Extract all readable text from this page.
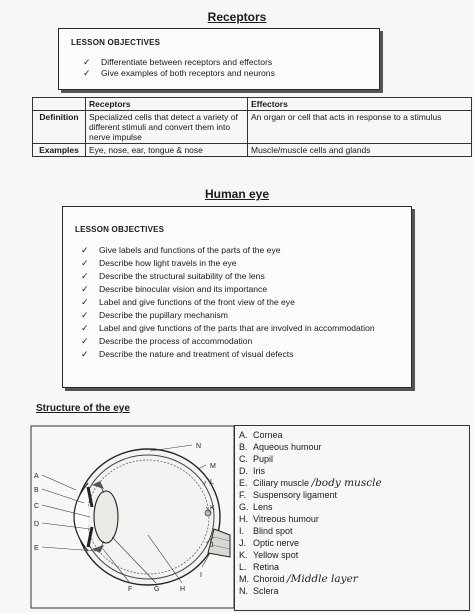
Receptors
LESSON OBJECTIVES
✓	Differentiate between receptors and effectors
✓	Give examples of both receptors and neurons
	Receptors	Effectors
Definition	Specialized cells that detect a variety of different stimuli and convert them into nerve impulse	An organ or cell that acts in response to a stimulus
Examples	Eye, nose, ear, tongue & nose	Muscle/muscle cells and glands
Human eye
LESSON OBJECTIVES
✓	Give labels and functions of the parts of the eye
✓	Describe how light travels in the eye
✓	Describe the structural suitability of the lens
✓	Describe binocular vision and its importance
✓	Label and give functions of the front view of the eye
✓	Describe the pupillary mechanism
✓	Label and give functions of the parts that are involved in accommodation
✓	Describe the process of accommodation
✓	Describe the nature and treatment of visual defects
Structure of the eye
N
M
L
K
J
I
H
G
F
E
D
C
B
A
A. Cornea
B. Aqueous humour
C. Pupil
D. Iris
E. Ciliary muscle /body muscle
F. Suspensory ligament
G. Lens
H. Vitreous humour
I. Blind spot
J. Optic nerve
K. Yellow spot
L. Retina
M. Choroid /Middle layer
N. Sclera
